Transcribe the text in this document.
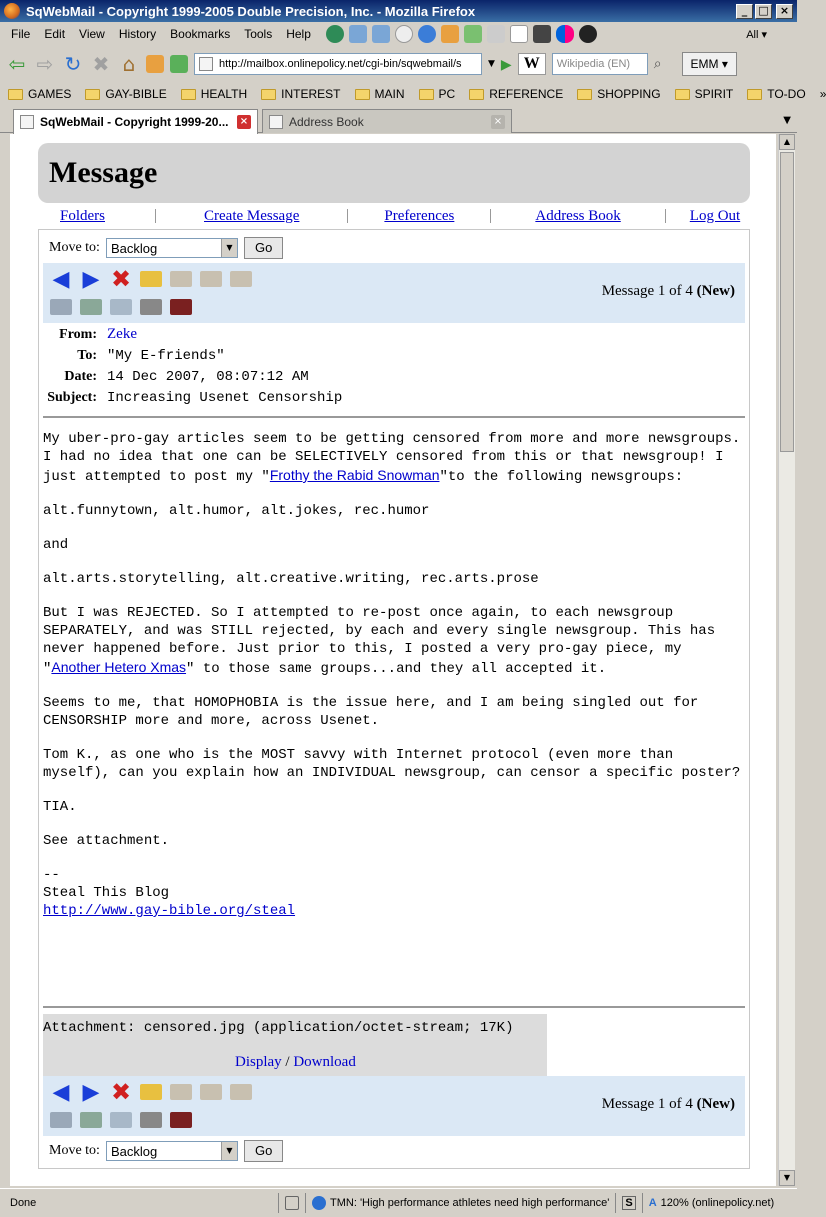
SqWebMail - Copyright 1999-2005 Double Precision, Inc. - Mozilla Firefox	_	□	×
File	Edit	View	History	Bookmarks	Tools	Help	All ▾
⇦ ⇨ ↻ ✖ ⌂	http://mailbox.onlinepolicy.net/cgi-bin/sqwebmail/s	▼ ▶ W	Wikipedia (EN)	⌕	EMM ▾
GAMES	GAY-BIBLE	HEALTH	INTEREST	MAIN	PC	REFERENCE	SHOPPING	SPIRIT	TO-DO »
SqWebMail - Copyright 1999-20...	×	Address Book	×	▼
Message
Folders	Create Message	Preferences	Address Book	Log Out
Move to: Backlog	▼	Go
◀ ▶ ✖	Message 1 of 4 (New)
From: Zeke
To: "My E-friends"
Date: 14 Dec 2007, 08:07:12 AM
Subject: Increasing Usenet Censorship

My uber-pro-gay articles seem to be getting censored from more and more newsgroups. I had no idea that one can be SELECTIVELY censored from this or that newsgroup! I just attempted to post my "Frothy the Rabid Snowman"to the following newsgroups:

alt.funnytown, alt.humor, alt.jokes, rec.humor

and

alt.arts.storytelling, alt.creative.writing, rec.arts.prose

But I was REJECTED. So I attempted to re-post once again, to each newsgroup SEPARATELY, and was STILL rejected, by each and every single newsgroup. This has never happened before. Just prior to this, I posted a very pro-gay piece, my "Another Hetero Xmas" to those same groups...and they all accepted it.

Seems to me, that HOMOPHOBIA is the issue here, and I am being singled out for CENSORSHIP more and more, across Usenet.

Tom K., as one who is the MOST savvy with Internet protocol (even more than myself), can you explain how an INDIVIDUAL newsgroup, can censor a specific poster?

TIA.

See attachment.

--
Steal This Blog
http://www.gay-bible.org/steal
Attachment: censored.jpg (application/octet-stream; 17K)
Display / Download
◀ ▶ ✖	Message 1 of 4 (New)
Move to: Backlog	▼	Go
▲
▼
Done	TMN: 'High performance athletes need high performance' S A 120% (onlinepolicy.net)
